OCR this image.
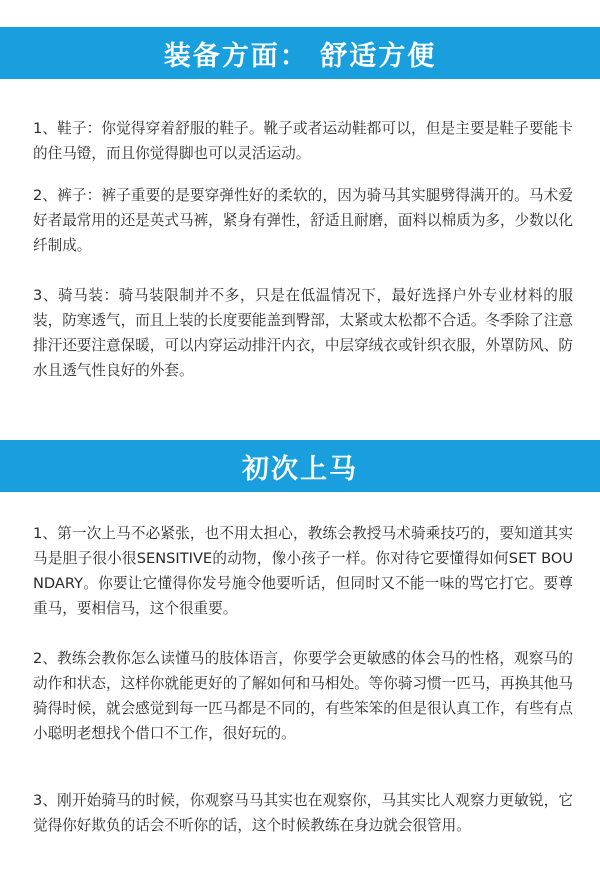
装备方面： 舒适方便

1、鞋子：你觉得穿着舒服的鞋子。靴子或者运动鞋都可以，但是主要是鞋子要能卡的住马镫，而且你觉得脚也可以灵活运动。

2、裤子：裤子重要的是要穿弹性好的柔软的，因为骑马其实腿劈得满开的。马术爱好者最常用的还是英式马裤，紧身有弹性，舒适且耐磨，面料以棉质为多，少数以化纤制成。

3、骑马装：骑马装限制并不多，只是在低温情况下，最好选择户外专业材料的服装，防寒透气，而且上装的长度要能盖到臀部，太紧或太松都不合适。冬季除了注意排汗还要注意保暖，可以内穿运动排汗内衣，中层穿绒衣或针织衣服，外罩防风、防水且透气性良好的外套。

初次上马

1、第一次上马不必紧张，也不用太担心，教练会教授马术骑乘技巧的，要知道其实马是胆子很小很SENSITIVE的动物，像小孩子一样。你对待它要懂得如何SET BOUNDARY。你要让它懂得你发号施令他要听话，但同时又不能一味的骂它打它。要尊重马，要相信马，这个很重要。

2、教练会教你怎么读懂马的肢体语言，你要学会更敏感的体会马的性格，观察马的动作和状态，这样你就能更好的了解如何和马相处。等你骑习惯一匹马，再换其他马骑得时候，就会感觉到每一匹马都是不同的，有些笨笨的但是很认真工作，有些有点小聪明老想找个借口不工作，很好玩的。

3、刚开始骑马的时候，你观察马马其实也在观察你，马其实比人观察力更敏锐，它觉得你好欺负的话会不听你的话，这个时候教练在身边就会很管用。
